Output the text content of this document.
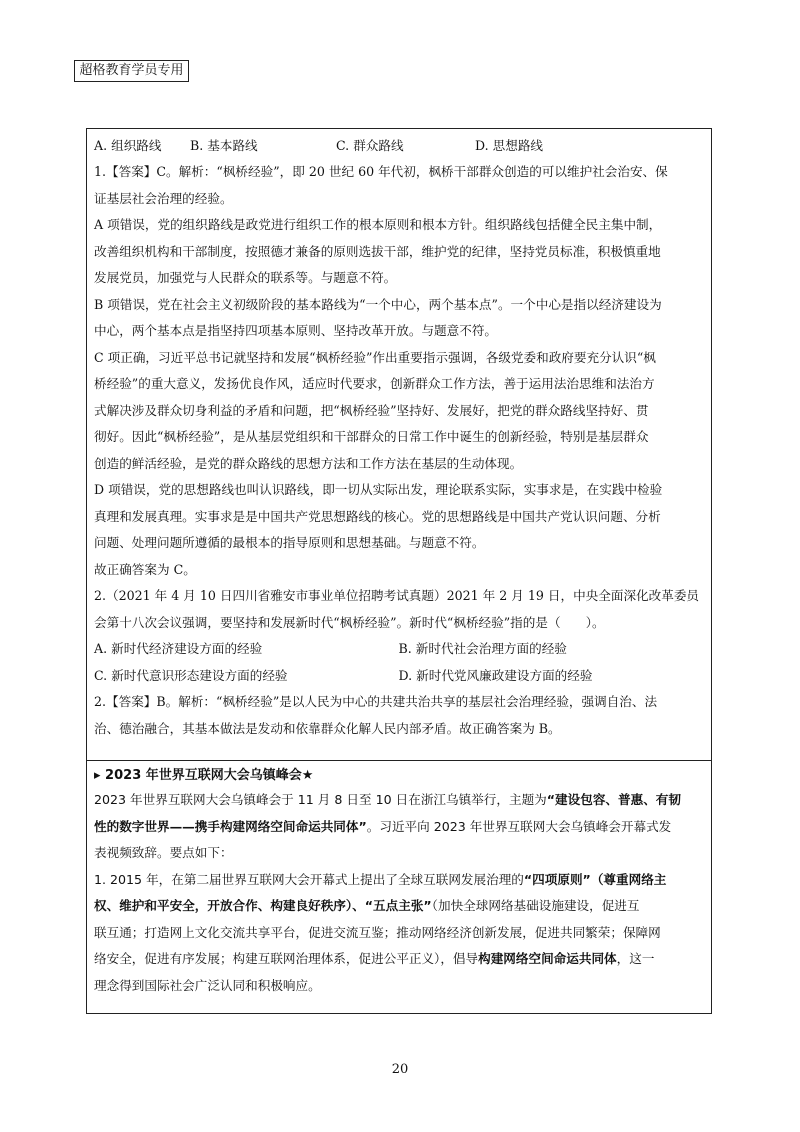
超格教育学员专用
A. 组织路线	B. 基本路线	C. 群众路线	D. 思想路线

1.【答案】C。解析：“枫桥经验”，即 20 世纪 60 年代初，枫桥干部群众创造的可以维护社会治安、保

证基层社会治理的经验。

A 项错误，党的组织路线是政党进行组织工作的根本原则和根本方针。组织路线包括健全民主集中制，

改善组织机构和干部制度，按照德才兼备的原则选拔干部，维护党的纪律，坚持党员标准，积极慎重地

发展党员，加强党与人民群众的联系等。与题意不符。

B 项错误，党在社会主义初级阶段的基本路线为“一个中心，两个基本点”。一个中心是指以经济建设为

中心，两个基本点是指坚持四项基本原则、坚持改革开放。与题意不符。

C 项正确，习近平总书记就坚持和发展“枫桥经验”作出重要指示强调，各级党委和政府要充分认识“枫

桥经验”的重大意义，发扬优良作风，适应时代要求，创新群众工作方法，善于运用法治思维和法治方

式解决涉及群众切身利益的矛盾和问题，把“枫桥经验”坚持好、发展好，把党的群众路线坚持好、贯

彻好。因此“枫桥经验”，是从基层党组织和干部群众的日常工作中诞生的创新经验，特别是基层群众

创造的鲜活经验，是党的群众路线的思想方法和工作方法在基层的生动体现。

D 项错误，党的思想路线也叫认识路线，即一切从实际出发，理论联系实际，实事求是，在实践中检验

真理和发展真理。实事求是是中国共产党思想路线的核心。党的思想路线是中国共产党认识问题、分析

问题、处理问题所遵循的最根本的指导原则和思想基础。与题意不符。

故正确答案为 C。

2.（2021 年 4 月 10 日四川省雅安市事业单位招聘考试真题）2021 年 2 月 19 日，中央全面深化改革委员

会第十八次会议强调，要坚持和发展新时代“枫桥经验”。新时代“枫桥经验”指的是（　　）。

A. 新时代经济建设方面的经验	B. 新时代社会治理方面的经验
C. 新时代意识形态建设方面的经验	D. 新时代党风廉政建设方面的经验

2.【答案】B。解析：“枫桥经验”是以人民为中心的共建共治共享的基层社会治理经验，强调自治、法

治、德治融合，其基本做法是发动和依靠群众化解人民内部矛盾。故正确答案为 B。

▸ 2023 年世界互联网大会乌镇峰会★

2023 年世界互联网大会乌镇峰会于 11 月 8 日至 10 日在浙江乌镇举行，主题为“建设包容、普惠、有韧

性的数字世界——携手构建网络空间命运共同体”。习近平向 2023 年世界互联网大会乌镇峰会开幕式发

表视频致辞。要点如下：

1. 2015 年，在第二届世界互联网大会开幕式上提出了全球互联网发展治理的“四项原则”（尊重网络主

权、维护和平安全，开放合作、构建良好秩序）、“五点主张”（加快全球网络基础设施建设，促进互

联互通；打造网上文化交流共享平台，促进交流互鉴；推动网络经济创新发展，促进共同繁荣；保障网

络安全，促进有序发展；构建互联网治理体系，促进公平正义），倡导构建网络空间命运共同体，这一

理念得到国际社会广泛认同和积极响应。

20
